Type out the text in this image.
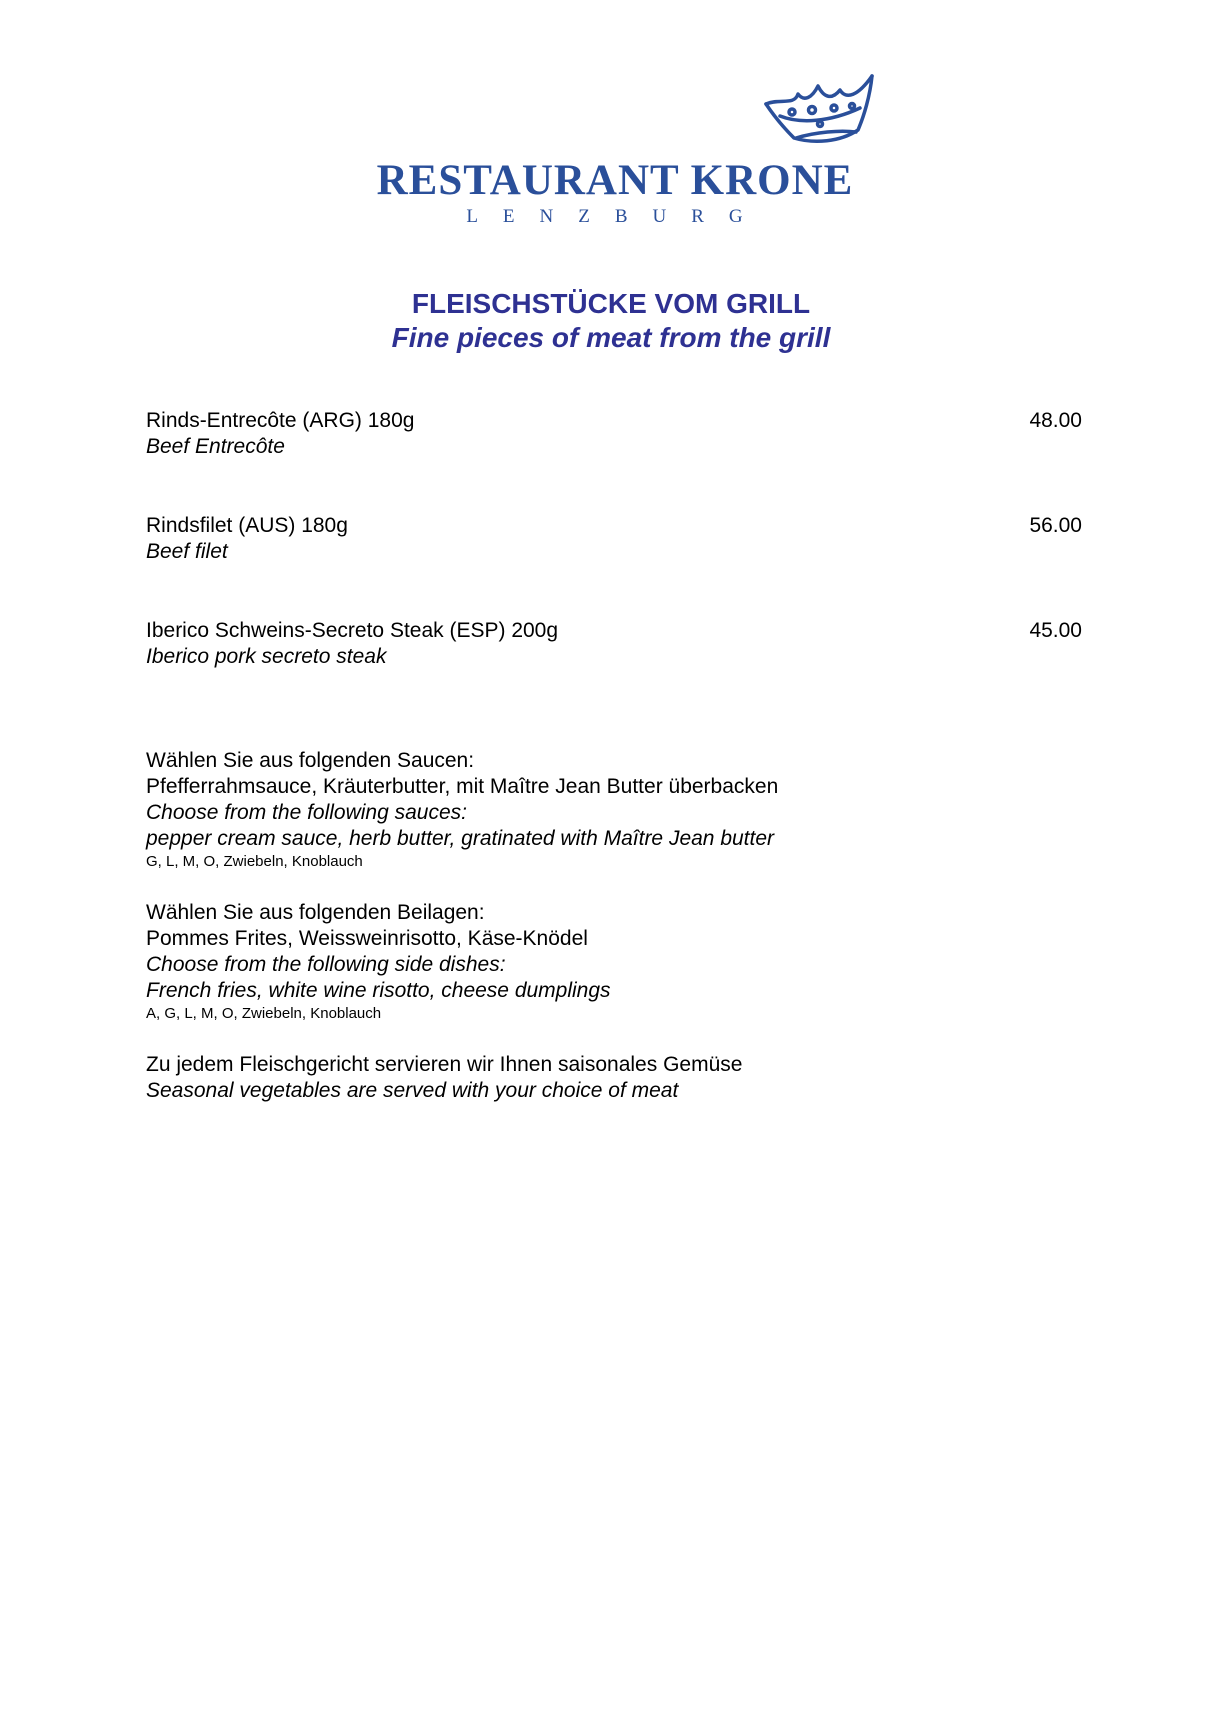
RESTAURANT KRONE
LENZBURG
FLEISCHSTÜCKE VOM GRILL
Fine pieces of meat from the grill
Rinds-Entrecôte (ARG) 180g
Beef Entrecôte
48.00
Rindsfilet (AUS) 180g
Beef filet
56.00
Iberico Schweins-Secreto Steak (ESP) 200g
Iberico pork secreto steak
45.00
Wählen Sie aus folgenden Saucen:
Pfefferrahmsauce, Kräuterbutter, mit Maître Jean Butter überbacken
Choose from the following sauces:
pepper cream sauce, herb butter, gratinated with Maître Jean butter
G, L, M, O, Zwiebeln, Knoblauch
Wählen Sie aus folgenden Beilagen:
Pommes Frites, Weissweinrisotto, Käse-Knödel
Choose from the following side dishes:
French fries, white wine risotto, cheese dumplings
A, G, L, M, O, Zwiebeln, Knoblauch
Zu jedem Fleischgericht servieren wir Ihnen saisonales Gemüse
Seasonal vegetables are served with your choice of meat
